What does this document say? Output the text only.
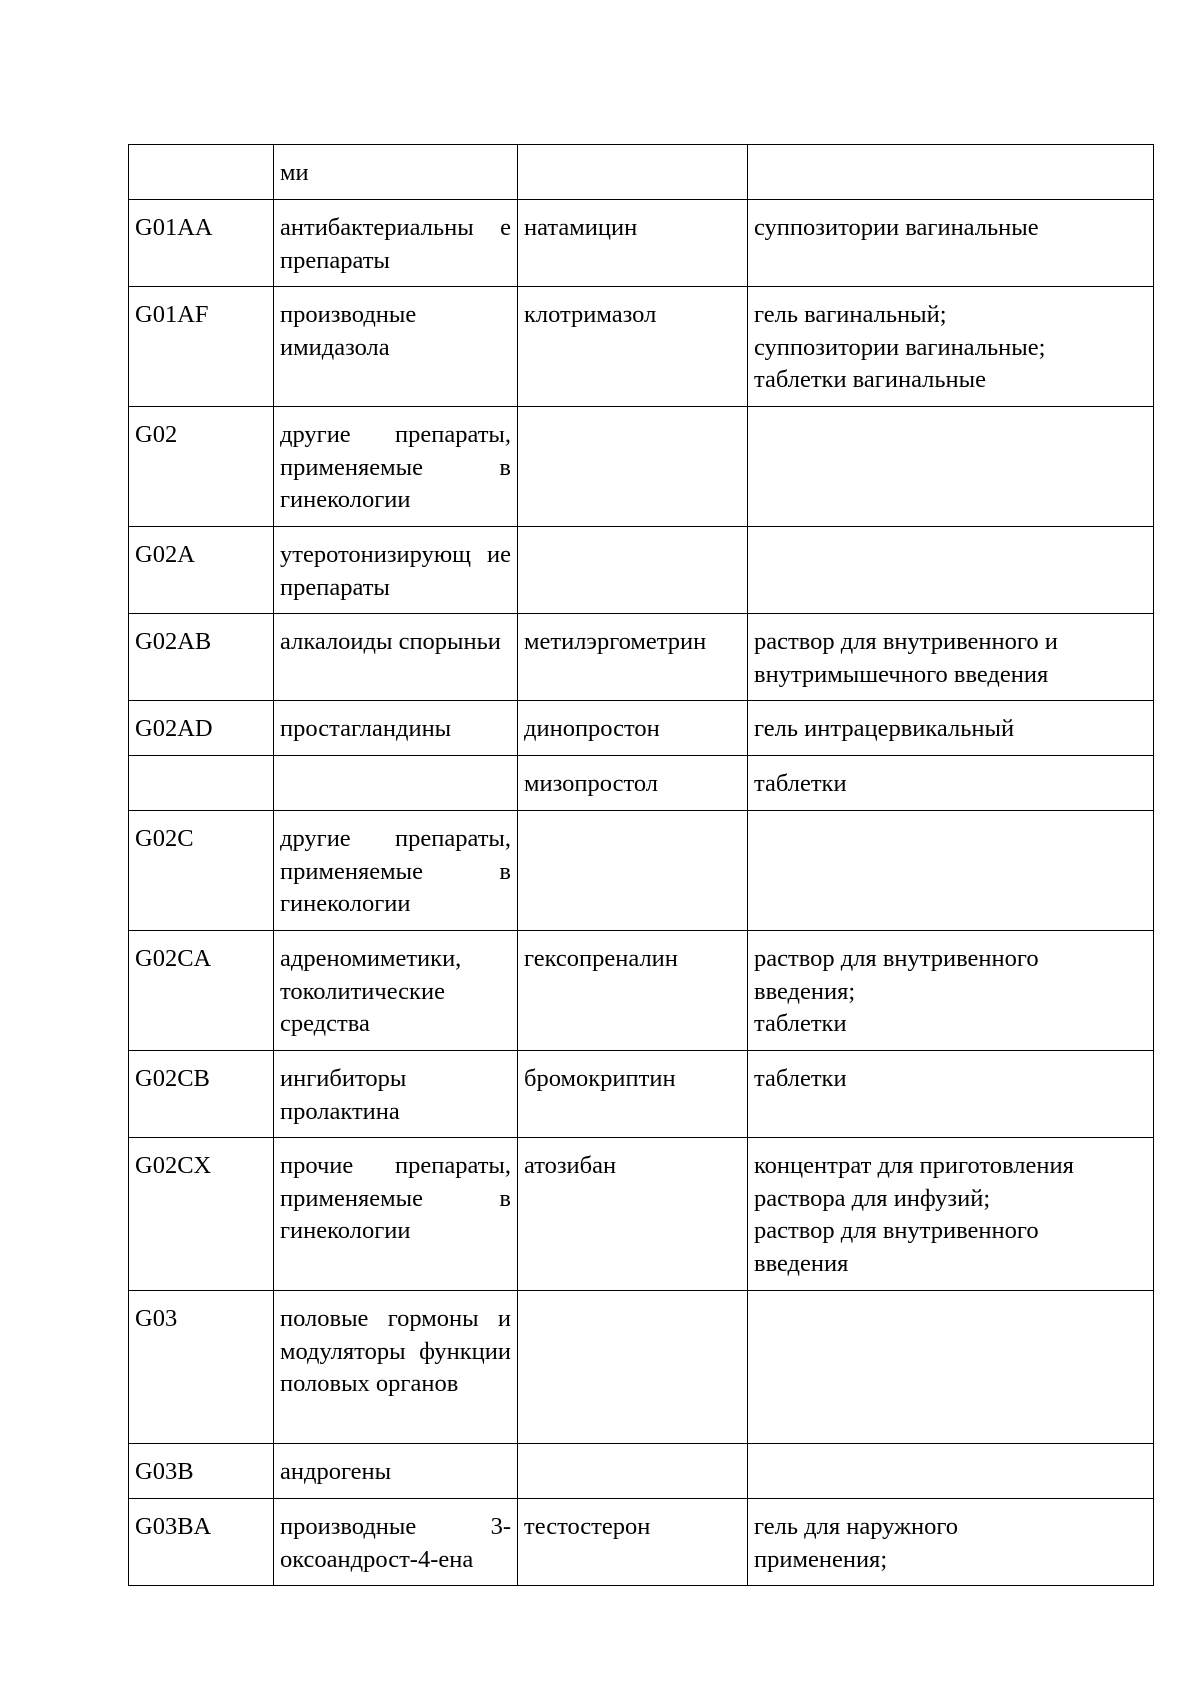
	ми		
G01AA	антибактериальны е препараты	натамицин	суппозитории вагинальные

G01AF	производные имидазола	клотримазол	гель вагинальный;
суппозитории вагинальные;
таблетки вагинальные

G02	другие препараты, применяемые в гинекологии		
G02A	утеротонизирующ ие препараты		
G02AB	алкалоиды спорыньи	метилэргометрин	раствор для внутривенного и
внутримышечного введения

G02AD	простагландины	динопростон	гель интрацервикальный

		мизопростол	таблетки

G02C	другие препараты, применяемые в гинекологии		
G02CA	адреномиметики, токолитические средства	гексопреналин	раствор для внутривенного
введения;
таблетки

G02CB	ингибиторы пролактина	бромокриптин	таблетки

G02CX	прочие препараты, применяемые в гинекологии	атозибан	концентрат для приготовления
раствора для инфузий;
раствор для внутривенного
введения

G03	половые гормоны и модуляторы функции половых органов		
G03B	андрогены		
G03BA	производные 3-оксоандрост-4-ена	тестостерон	гель для наружного
применения;
